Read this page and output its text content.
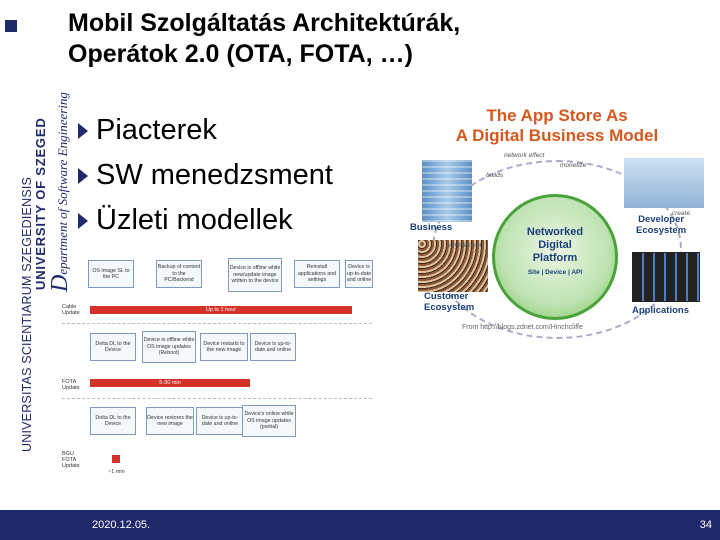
UNIVERSITAS SCIENTIARUM SZEGEDIENSIS UNIVERSITY OF SZEGED Department of Software Engineering
Mobil Szolgáltatás Architektúrák,
Operátok 2.0 (OTA, FOTA, …)
Piacterek
SW menedzsment
Üzleti modellek
The App Store As
A Digital Business Model
Business
Developer
Ecosystem
Customer
Ecosystem	Applications
Networked
Digital
Platform
Site | Device | API
network effect
monetize
builds
create
commitment
From http://blogs.zdnet.com/Hinchcliffe
OS image SL to the PC
Backup of content to the PC/Backend
Device is offline while new/update image written to the device
Reinstall applications and settings
Device is up-to-date and online
Cable Update	Up to 1 hour
Delta DL to the Device
Device is offline while OS image updates (Reboot)
Device restarts to the new image
Device is up-to-date and online
FOTA Update
5-30 min
Delta DL to the Device
Device restores the new image
Device is up-to-date and online
Device's online while OS image updates (partial)
BGU FOTA Update
~1 min
2020.12.05.	34
